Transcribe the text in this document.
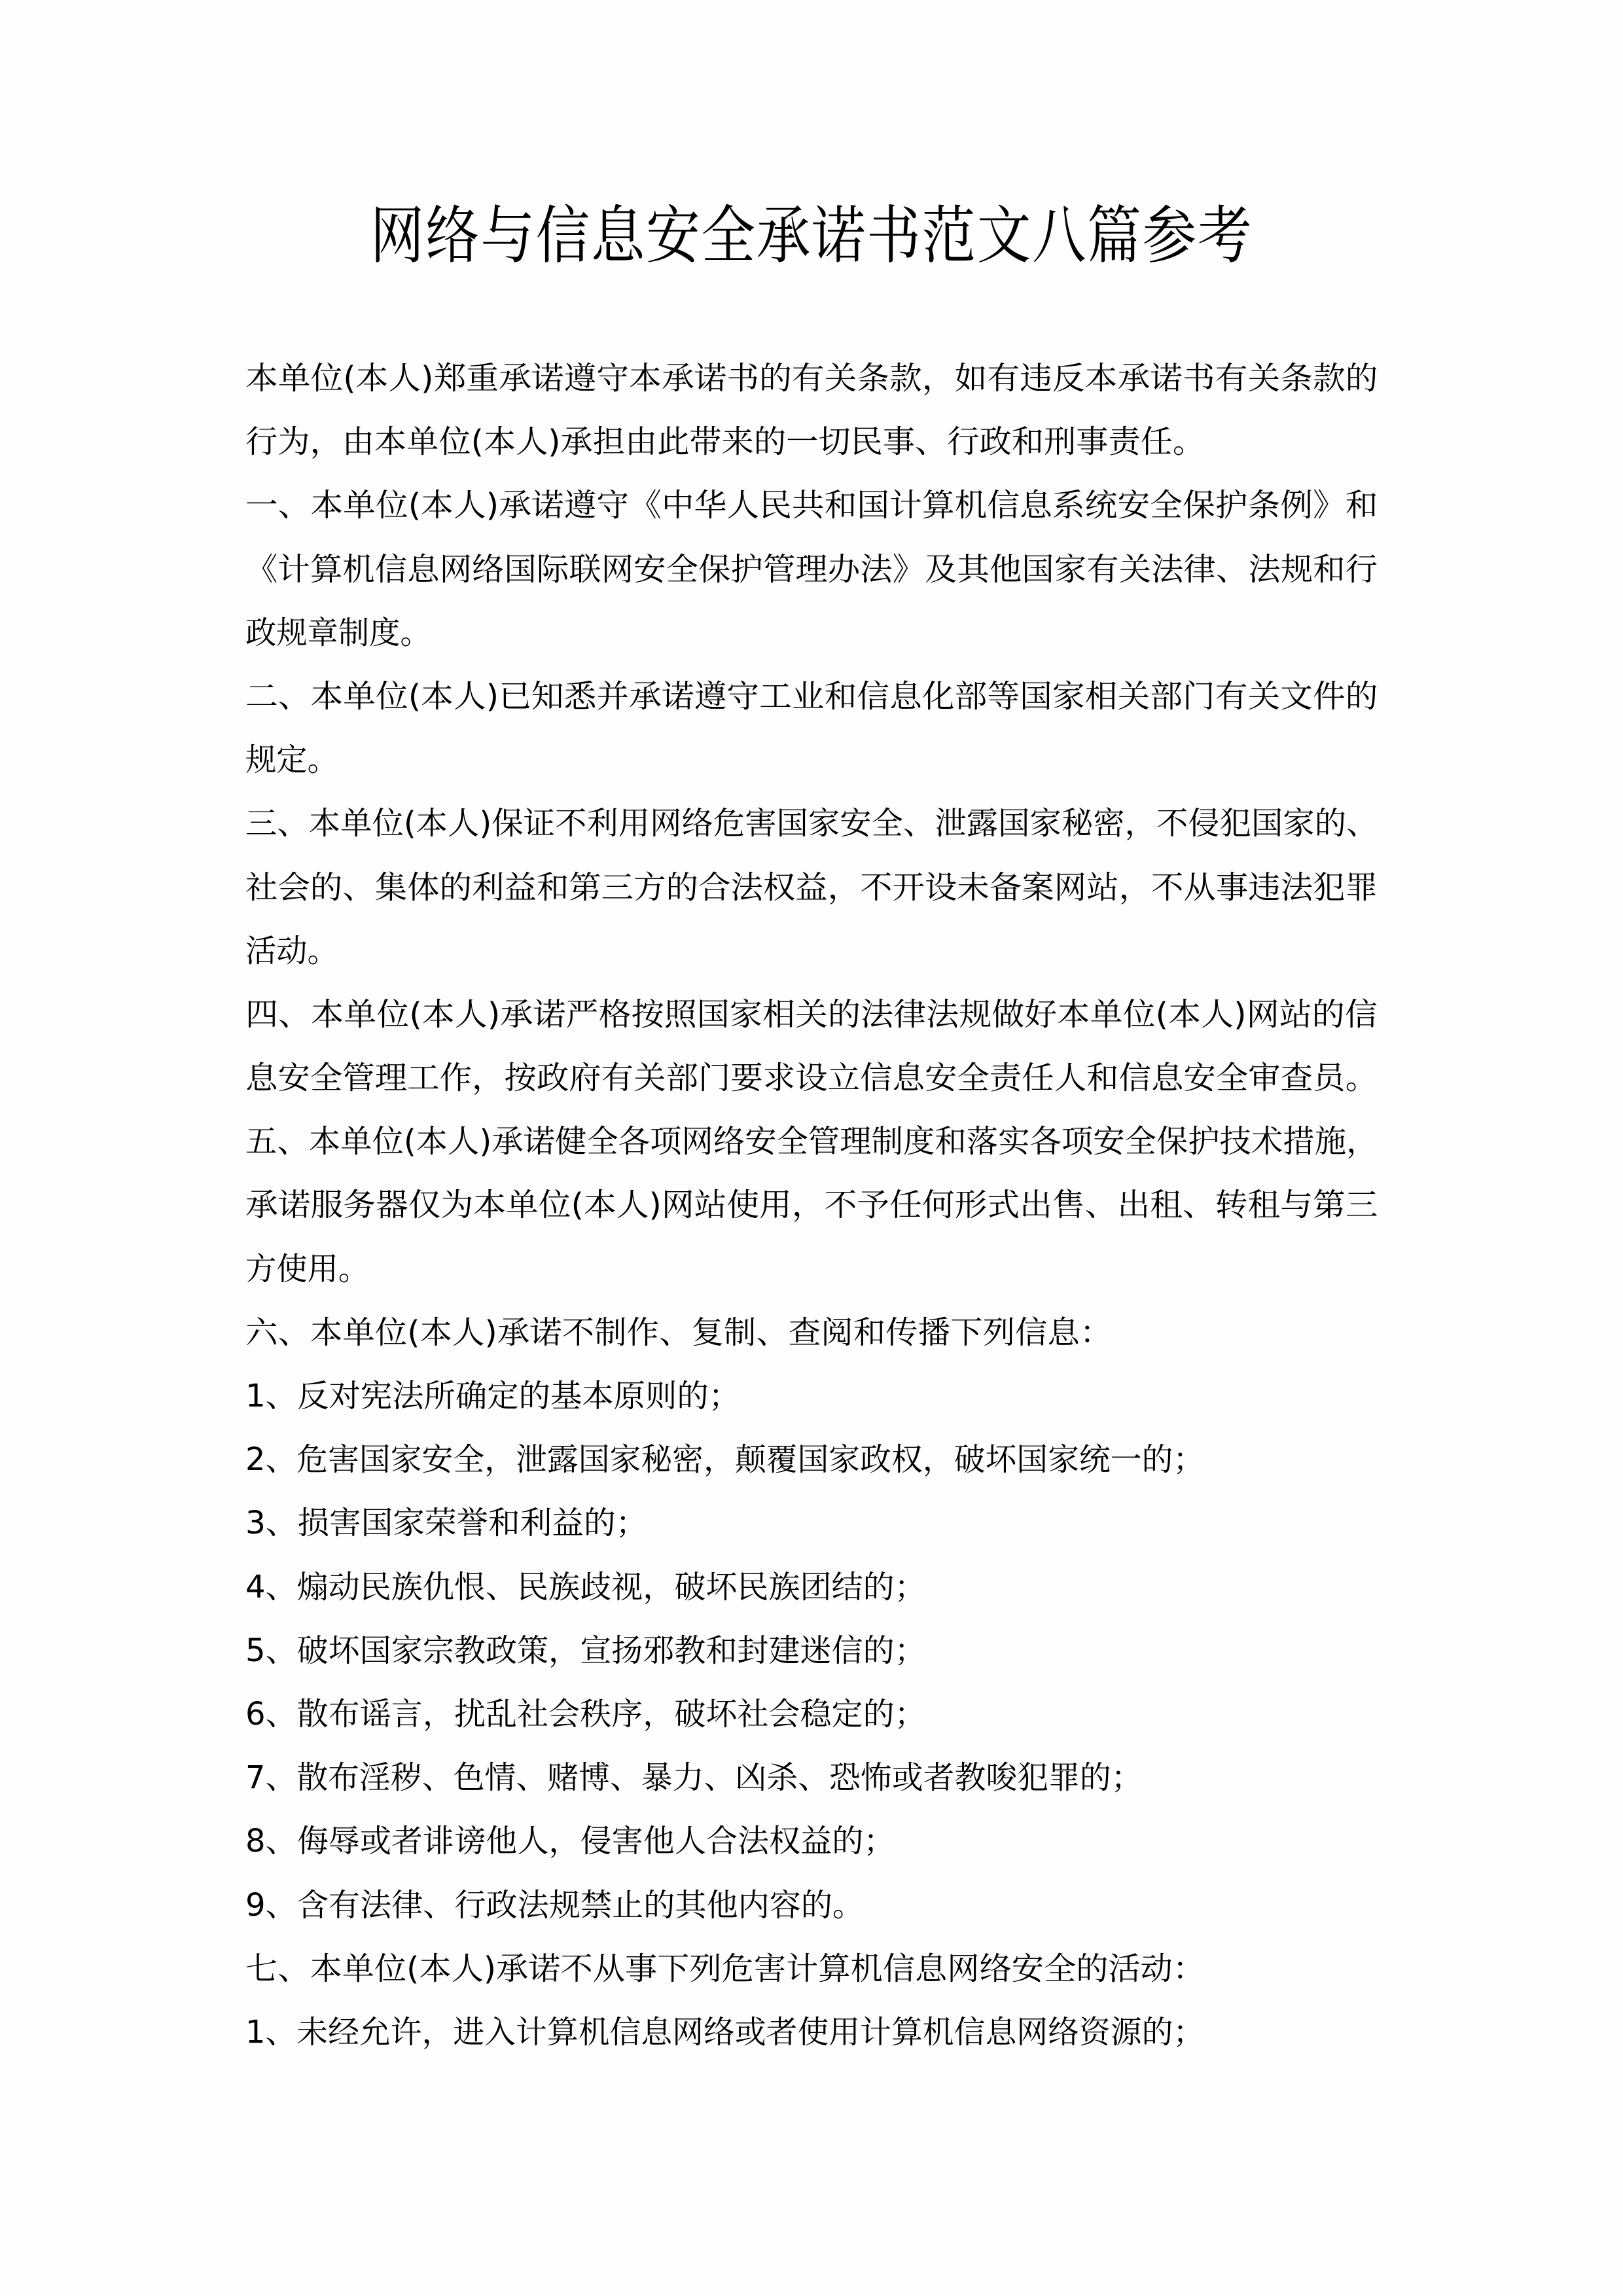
网络与信息安全承诺书范文八篇参考
本单位(本人)郑重承诺遵守本承诺书的有关条款，如有违反本承诺书有关条款的
行为，由本单位(本人)承担由此带来的一切民事、行政和刑事责任。
一、本单位(本人)承诺遵守《中华人民共和国计算机信息系统安全保护条例》和
《计算机信息网络国际联网安全保护管理办法》及其他国家有关法律、法规和行
政规章制度。
二、本单位(本人)已知悉并承诺遵守工业和信息化部等国家相关部门有关文件的
规定。
三、本单位(本人)保证不利用网络危害国家安全、泄露国家秘密，不侵犯国家的、
社会的、集体的利益和第三方的合法权益，不开设未备案网站，不从事违法犯罪
活动。
四、本单位(本人)承诺严格按照国家相关的法律法规做好本单位(本人)网站的信
息安全管理工作，按政府有关部门要求设立信息安全责任人和信息安全审查员。
五、本单位(本人)承诺健全各项网络安全管理制度和落实各项安全保护技术措施，
承诺服务器仅为本单位(本人)网站使用，不予任何形式出售、出租、转租与第三
方使用。
六、本单位(本人)承诺不制作、复制、查阅和传播下列信息：
1、反对宪法所确定的基本原则的；
2、危害国家安全，泄露国家秘密，颠覆国家政权，破坏国家统一的；
3、损害国家荣誉和利益的；
4、煽动民族仇恨、民族歧视，破坏民族团结的；
5、破坏国家宗教政策，宣扬邪教和封建迷信的；
6、散布谣言，扰乱社会秩序，破坏社会稳定的；
7、散布淫秽、色情、赌博、暴力、凶杀、恐怖或者教唆犯罪的；
8、侮辱或者诽谤他人，侵害他人合法权益的；
9、含有法律、行政法规禁止的其他内容的。
七、本单位(本人)承诺不从事下列危害计算机信息网络安全的活动：
1、未经允许，进入计算机信息网络或者使用计算机信息网络资源的；
